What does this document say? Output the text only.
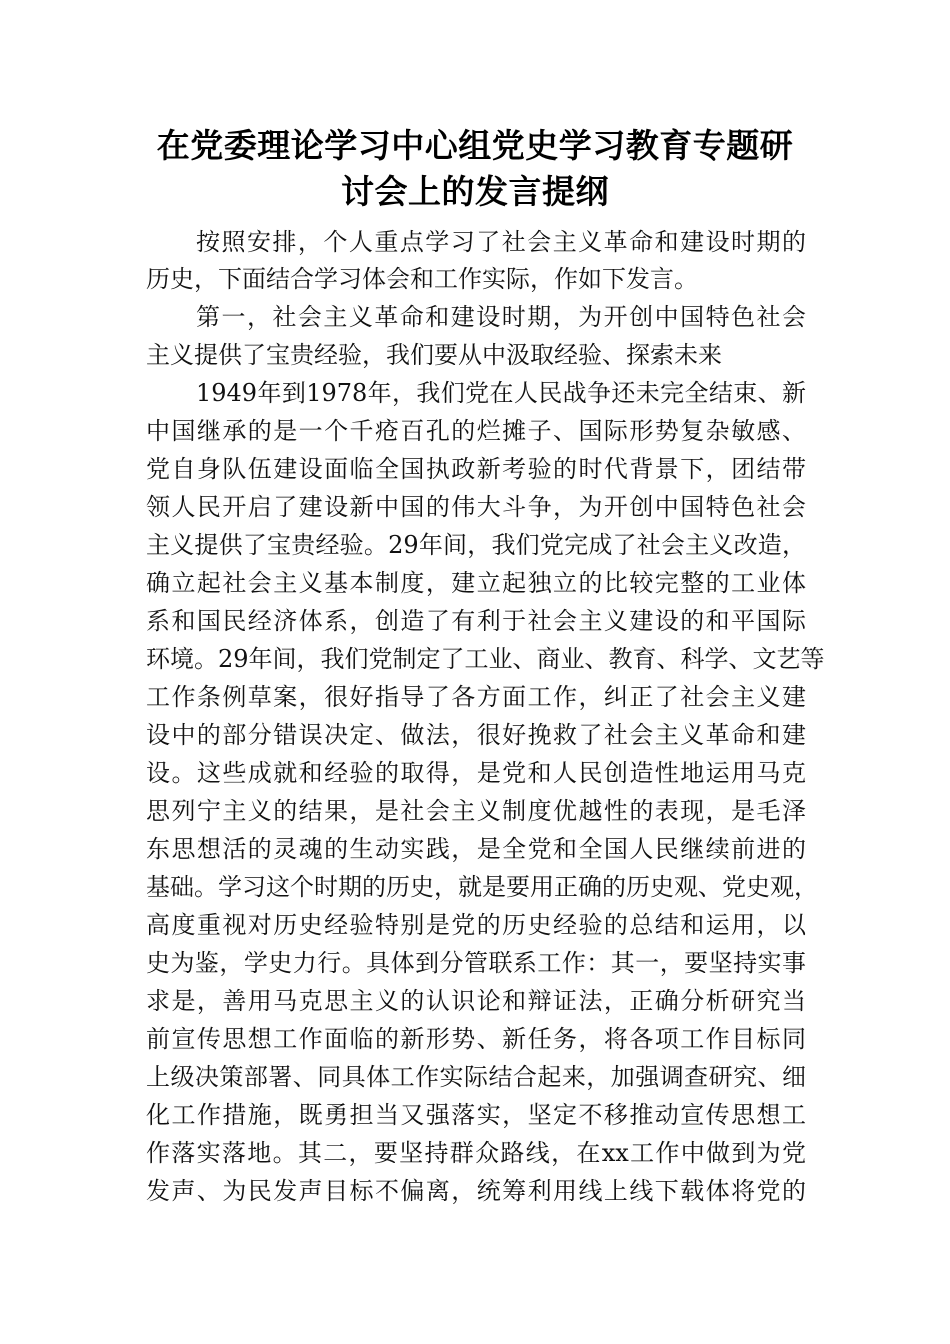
在党委理论学习中心组党史学习教育专题研
讨会上的发言提纲
按照安排，个人重点学习了社会主义革命和建设时期的
历史，下面结合学习体会和工作实际，作如下发言。
第一，社会主义革命和建设时期，为开创中国特色社会
主义提供了宝贵经验，我们要从中汲取经验、探索未来
1949年到1978年，我们党在人民战争还未完全结束、新
中国继承的是一个千疮百孔的烂摊子、国际形势复杂敏感、
党自身队伍建设面临全国执政新考验的时代背景下，团结带
领人民开启了建设新中国的伟大斗争，为开创中国特色社会
主义提供了宝贵经验。29年间，我们党完成了社会主义改造，
确立起社会主义基本制度，建立起独立的比较完整的工业体
系和国民经济体系，创造了有利于社会主义建设的和平国际
环境。29年间，我们党制定了工业、商业、教育、科学、文艺等
工作条例草案，很好指导了各方面工作，纠正了社会主义建
设中的部分错误决定、做法，很好挽救了社会主义革命和建
设。这些成就和经验的取得，是党和人民创造性地运用马克
思列宁主义的结果，是社会主义制度优越性的表现，是毛泽
东思想活的灵魂的生动实践，是全党和全国人民继续前进的
基础。学习这个时期的历史，就是要用正确的历史观、党史观，
高度重视对历史经验特别是党的历史经验的总结和运用，以
史为鉴，学史力行。具体到分管联系工作：其一，要坚持实事
求是，善用马克思主义的认识论和辩证法，正确分析研究当
前宣传思想工作面临的新形势、新任务，将各项工作目标同
上级决策部署、同具体工作实际结合起来，加强调查研究、细
化工作措施，既勇担当又强落实，坚定不移推动宣传思想工
作落实落地。其二，要坚持群众路线，在xx工作中做到为党
发声、为民发声目标不偏离，统筹利用线上线下载体将党的
